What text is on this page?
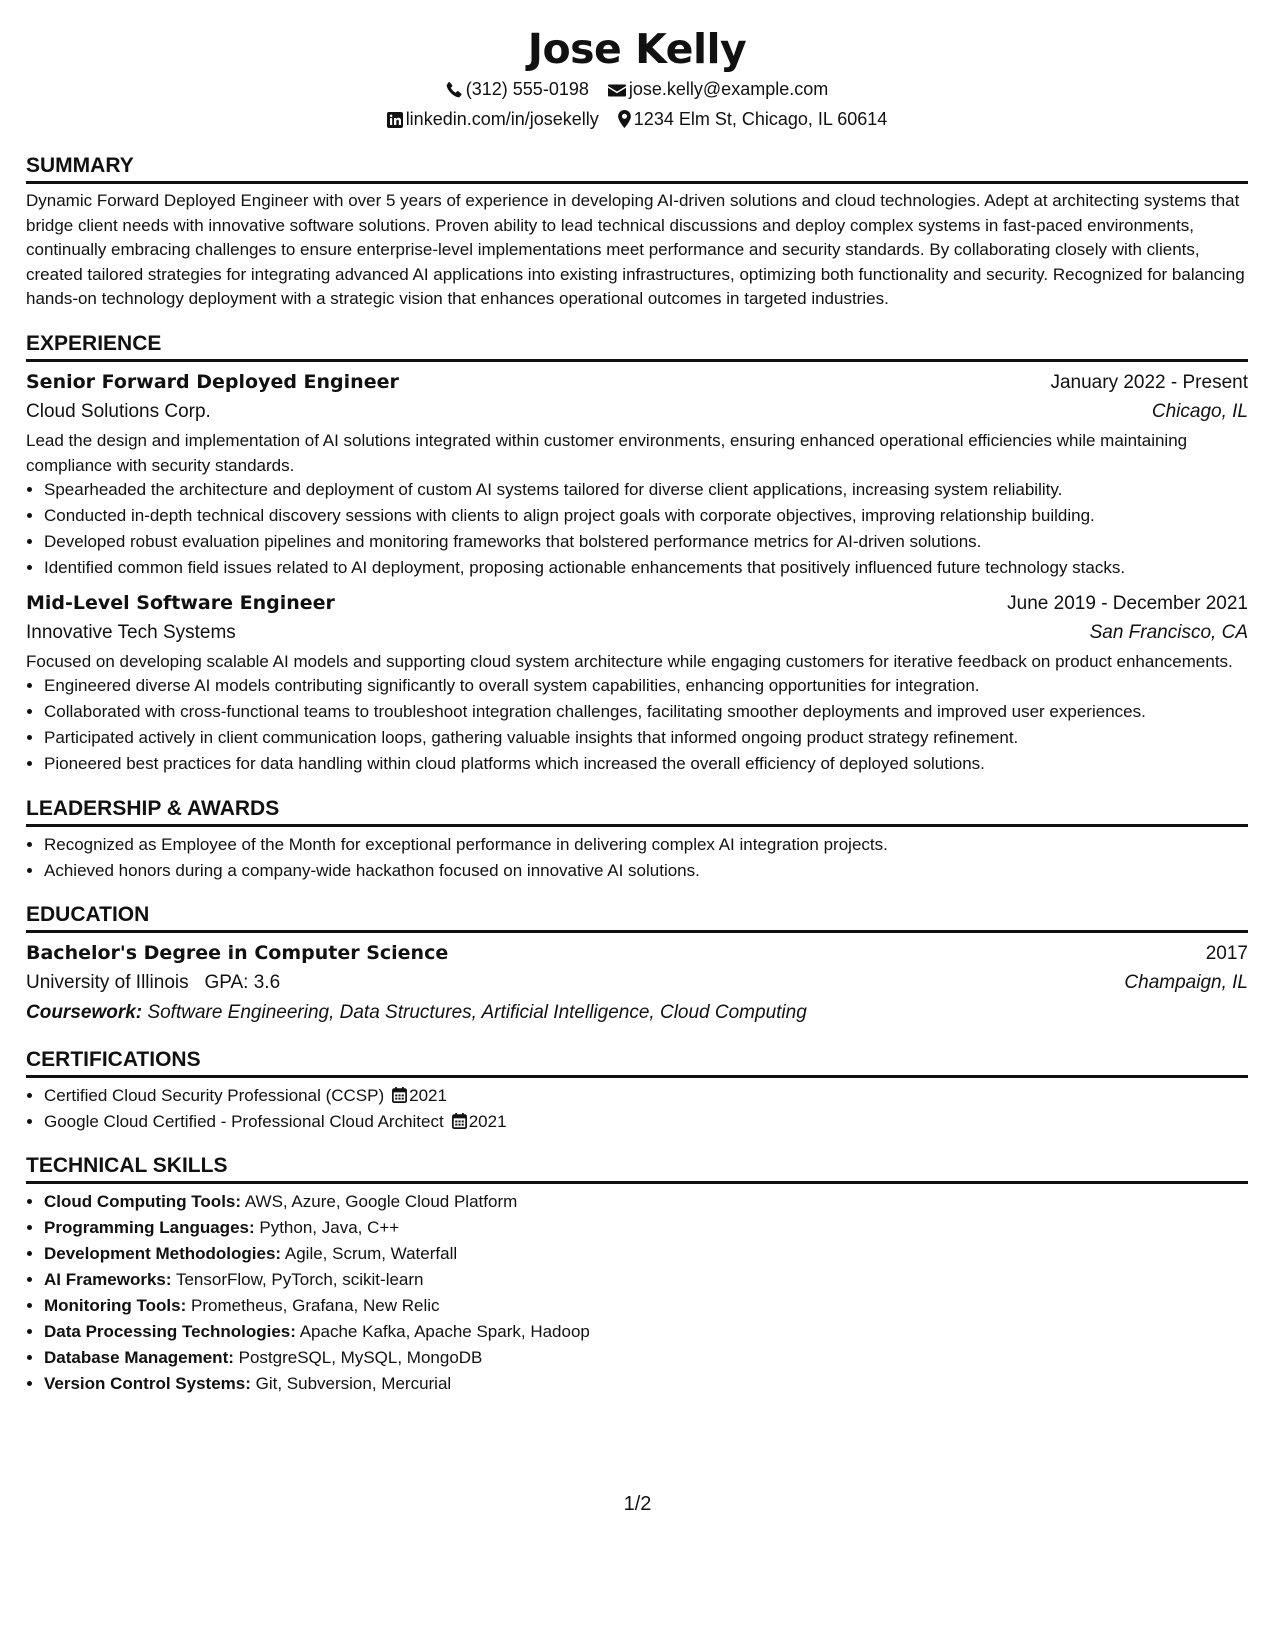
Jose Kelly
(312) 555-0198 jose.kelly@example.com
linkedin.com/in/josekelly 1234 Elm St, Chicago, IL 60614
SUMMARY
Dynamic Forward Deployed Engineer with over 5 years of experience in developing AI-driven solutions and cloud technologies. Adept at architecting systems that bridge client needs with innovative software solutions. Proven ability to lead technical discussions and deploy complex systems in fast-paced environments, continually embracing challenges to ensure enterprise-level implementations meet performance and security standards. By collaborating closely with clients, created tailored strategies for integrating advanced AI applications into existing infrastructures, optimizing both functionality and security. Recognized for balancing hands-on technology deployment with a strategic vision that enhances operational outcomes in targeted industries.
EXPERIENCE
Senior Forward Deployed Engineer	January 2022 - Present
Cloud Solutions Corp.	Chicago, IL
Lead the design and implementation of AI solutions integrated within customer environments, ensuring enhanced operational efficiencies while maintaining compliance with security standards.
• Spearheaded the architecture and deployment of custom AI systems tailored for diverse client applications, increasing system reliability.
• Conducted in-depth technical discovery sessions with clients to align project goals with corporate objectives, improving relationship building.
• Developed robust evaluation pipelines and monitoring frameworks that bolstered performance metrics for AI-driven solutions.
• Identified common field issues related to AI deployment, proposing actionable enhancements that positively influenced future technology stacks.
Mid-Level Software Engineer	June 2019 - December 2021
Innovative Tech Systems	San Francisco, CA
Focused on developing scalable AI models and supporting cloud system architecture while engaging customers for iterative feedback on product enhancements.
• Engineered diverse AI models contributing significantly to overall system capabilities, enhancing opportunities for integration.
• Collaborated with cross-functional teams to troubleshoot integration challenges, facilitating smoother deployments and improved user experiences.
• Participated actively in client communication loops, gathering valuable insights that informed ongoing product strategy refinement.
• Pioneered best practices for data handling within cloud platforms which increased the overall efficiency of deployed solutions.
LEADERSHIP & AWARDS
• Recognized as Employee of the Month for exceptional performance in delivering complex AI integration projects.
• Achieved honors during a company-wide hackathon focused on innovative AI solutions.
EDUCATION
Bachelor's Degree in Computer Science	2017
University of Illinois GPA: 3.6	Champaign, IL
Coursework: Software Engineering, Data Structures, Artificial Intelligence, Cloud Computing
CERTIFICATIONS
• Certified Cloud Security Professional (CCSP) 2021
• Google Cloud Certified - Professional Cloud Architect 2021
TECHNICAL SKILLS
• Cloud Computing Tools: AWS, Azure, Google Cloud Platform
• Programming Languages: Python, Java, C++
• Development Methodologies: Agile, Scrum, Waterfall
• AI Frameworks: TensorFlow, PyTorch, scikit-learn
• Monitoring Tools: Prometheus, Grafana, New Relic
• Data Processing Technologies: Apache Kafka, Apache Spark, Hadoop
• Database Management: PostgreSQL, MySQL, MongoDB
• Version Control Systems: Git, Subversion, Mercurial
1/2
